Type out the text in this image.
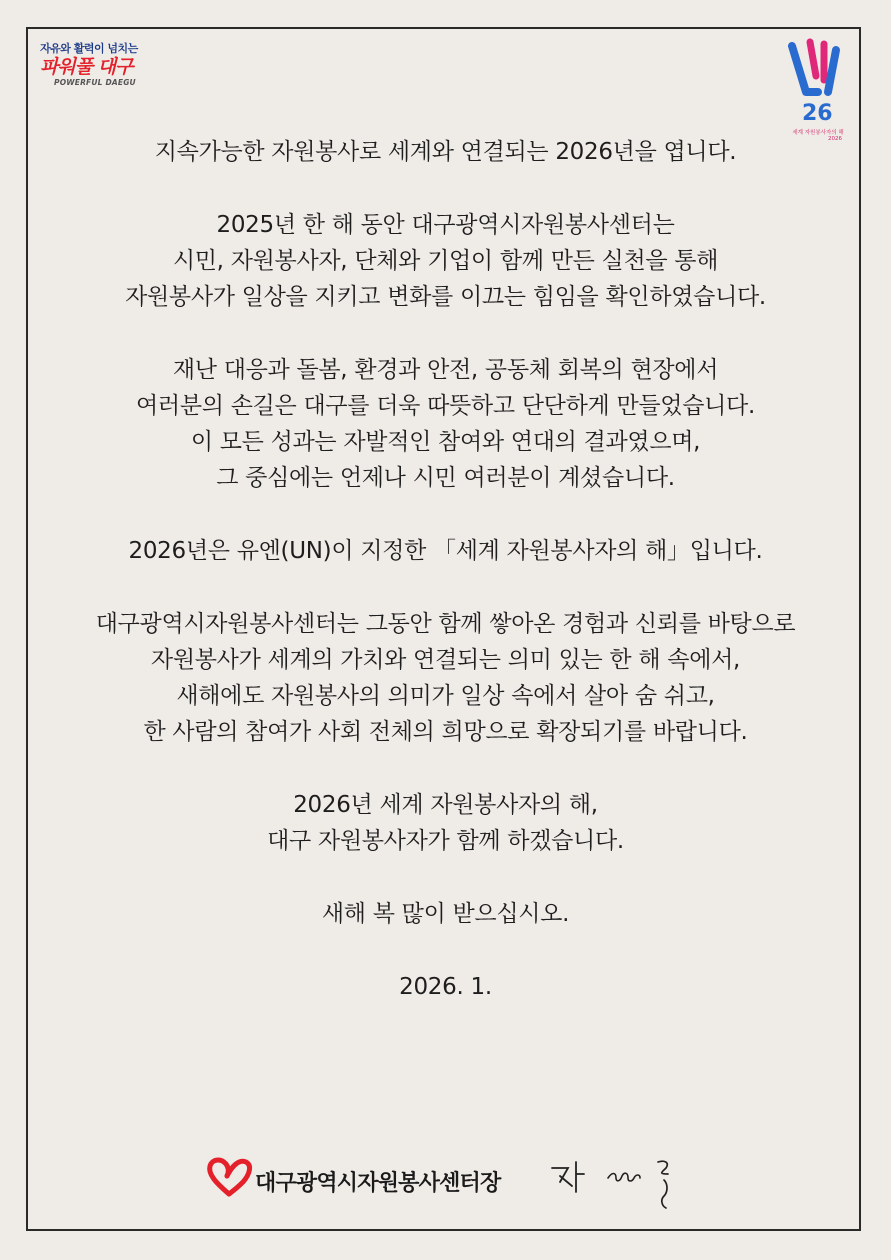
자유와 활력이 넘치는
파워풀 대구
POWERFUL DAEGU
26
세계 자원봉사자의 해
2026
지속가능한 자원봉사로 세계와 연결되는 2026년을 엽니다.
2025년 한 해 동안 대구광역시자원봉사센터는
시민, 자원봉사자, 단체와 기업이 함께 만든 실천을 통해
자원봉사가 일상을 지키고 변화를 이끄는 힘임을 확인하였습니다.
재난 대응과 돌봄, 환경과 안전, 공동체 회복의 현장에서
여러분의 손길은 대구를 더욱 따뜻하고 단단하게 만들었습니다.
이 모든 성과는 자발적인 참여와 연대의 결과였으며,
그 중심에는 언제나 시민 여러분이 계셨습니다.
2026년은 유엔(UN)이 지정한 「세계 자원봉사자의 해」입니다.
대구광역시자원봉사센터는 그동안 함께 쌓아온 경험과 신뢰를 바탕으로
자원봉사가 세계의 가치와 연결되는 의미 있는 한 해 속에서,
새해에도 자원봉사의 의미가 일상 속에서 살아 숨 쉬고,
한 사람의 참여가 사회 전체의 희망으로 확장되기를 바랍니다.
2026년 세계 자원봉사자의 해,
대구 자원봉사자가 함께 하겠습니다.
새해 복 많이 받으십시오.
2026. 1.
대구광역시자원봉사센터장
